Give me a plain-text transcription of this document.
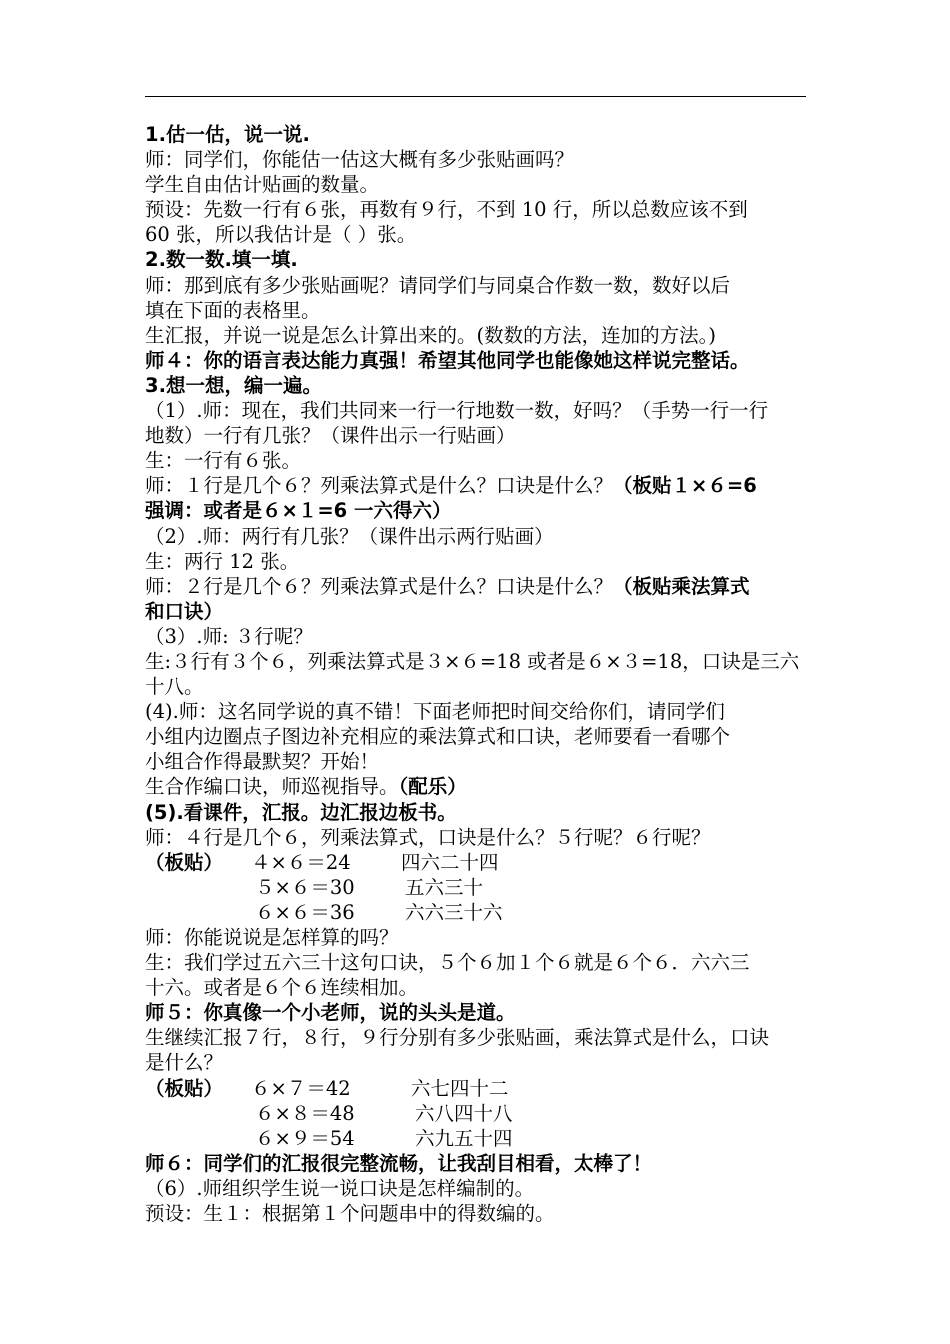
1.估一估，说一说.
师：同学们，你能估一估这大概有多少张贴画吗？
学生自由估计贴画的数量。
预设：先数一行有６张，再数有９行，不到 10 行，所以总数应该不到
60 张，所以我估计是（ ）张。
2.数一数.填一填.
师：那到底有多少张贴画呢？请同学们与同桌合作数一数，数好以后
填在下面的表格里。
生汇报，并说一说是怎么计算出来的。(数数的方法，连加的方法。)
师４：你的语言表达能力真强！希望其他同学也能像她这样说完整话。
3.想一想，编一遍。
（1）.师：现在，我们共同来一行一行地数一数，好吗？（手势一行一行
地数）一行有几张？（课件出示一行贴画）
生：一行有６张。
师：１行是几个６？列乘法算式是什么？口诀是什么？（板贴１×６=6
强调：或者是６×１=6 一六得六）
（2）.师：两行有几张？（课件出示两行贴画）
生：两行 12 张。
师：２行是几个６？列乘法算式是什么？口诀是什么？（板贴乘法算式
和口诀）
（3）.师: ３行呢？
生:３行有３个６，列乘法算式是３×６=18 或者是６×３=18，口诀是三六
十八。
(4).师：这名同学说的真不错！下面老师把时间交给你们，请同学们
小组内边圈点子图边补充相应的乘法算式和口诀，老师要看一看哪个
小组合作得最默契？开始！
生合作编口诀，师巡视指导。（配乐）
(5).看课件，汇报。边汇报边板书。
师：４行是几个６，列乘法算式，口诀是什么？５行呢？６行呢？
（板贴） ４×６＝24	四六二十四
５×６＝30	五六三十
６×６＝36	六六三十六
师：你能说说是怎样算的吗？
生：我们学过五六三十这句口诀，５个６加１个６就是６个６．六六三
十六。或者是６个６连续相加。
师５：你真像一个小老师，说的头头是道。
生继续汇报７行，８行，９行分别有多少张贴画，乘法算式是什么，口诀
是什么？
（板贴） ６×７＝42	六七四十二
６×８＝48	六八四十八
６×９＝54	六九五十四
师６：同学们的汇报很完整流畅，让我刮目相看，太棒了！
（6）.师组织学生说一说口诀是怎样编制的。
预设：生１：根据第１个问题串中的得数编的。
